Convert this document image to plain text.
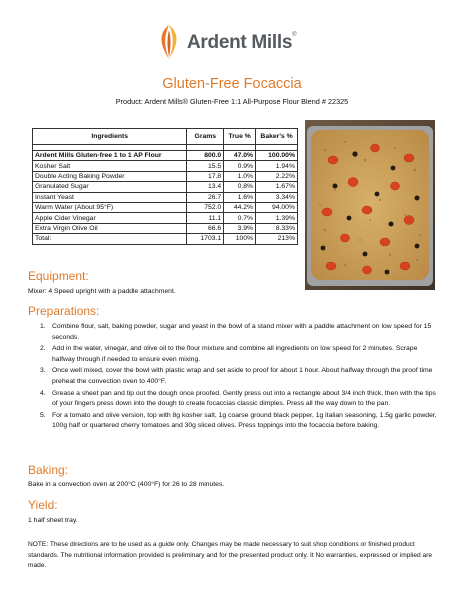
Ardent Mills®
Gluten-Free Focaccia
Product: Ardent Mills® Gluten-Free 1:1 All-Purpose Flour Blend # 22325
Ingredients	Grams	True %	Baker's %

Ardent Mills Gluten-free 1 to 1 AP Flour	800.0	47.0%	100.00%
Kosher Salt	15.5	0.9%	1.94%
Double Acting Baking Powder	17.8	1.0%	2.22%
Granulated Sugar	13.4	0.8%	1.67%
Instant Yeast	26.7	1.6%	3.34%
Warm Water (About 95°F)	752.0	44.2%	94.00%
Apple Cider Vinegar	11.1	0.7%	1.39%
Extra Virgin Olive Oil	66.6	3.9%	8.33%
Total:	1703.1	100%	213%
Equipment:
Mixer: 4 Speed upright with a paddle attachment.
Preparations:
1. Combine flour, salt, baking powder, sugar and yeast in the bowl of a stand mixer with a paddle attachment on low speed for 15 seconds.
2. Add in the water, vinegar, and olive oil to the flour mixture and combine all ingredients on low speed for 2 minutes. Scrape halfway through if needed to ensure even mixing.
3. Once well mixed, cover the bowl with plastic wrap and set aside to proof for about 1 hour. About halfway through the proof time preheat the convection oven to 400°F.
4. Grease a sheet pan and tip out the dough once proofed. Gently press out into a rectangle about 3/4 inch thick, then with the tips of your fingers press down into the dough to create focaccias classic dimples. Press all the way down to the pan.
5. For a tomato and olive version, top with 8g kosher salt, 1g coarse ground black pepper, 1g italian seasoning, 1.5g garlic powder, 100g half or quartered cherry tomatoes and 30g sliced olives. Press toppings into the focaccia before baking.
Baking:
Bake in a convection oven at 200°C (400°F) for 26 to 28 minutes.
Yield:
1 half sheet tray.
NOTE: These directions are to be used as a guide only. Changes may be made necessary to suit shop conditions or finished product standards. The nutritional information provided is preliminary and for the presented product only. It No warranties, expressed or implied are made.
